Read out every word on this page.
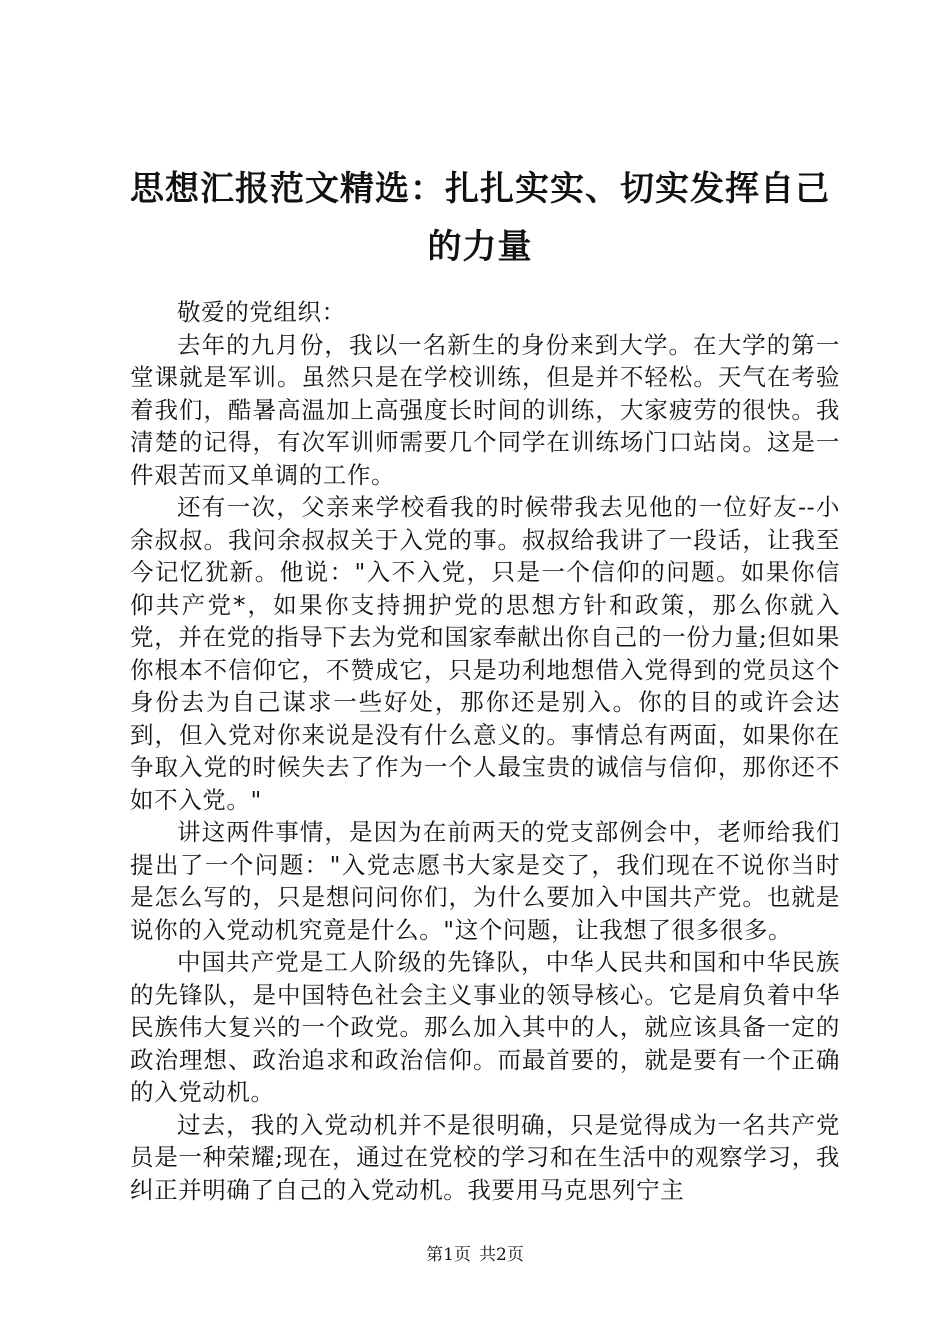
思想汇报范文精选：扎扎实实、切实发挥自己的力量

敬爱的党组织：

去年的九月份，我以一名新生的身份来到大学。在大学的第一堂课就是军训。虽然只是在学校训练，但是并不轻松。天气在考验着我们，酷暑高温加上高强度长时间的训练，大家疲劳的很快。我清楚的记得，有次军训师需要几个同学在训练场门口站岗。这是一件艰苦而又单调的工作。

还有一次，父亲来学校看我的时候带我去见他的一位好友--小余叔叔。我问余叔叔关于入党的事。叔叔给我讲了一段话，让我至今记忆犹新。他说："入不入党，只是一个信仰的问题。如果你信仰共产党*，如果你支持拥护党的思想方针和政策，那么你就入党，并在党的指导下去为党和国家奉献出你自己的一份力量;但如果你根本不信仰它，不赞成它，只是功利地想借入党得到的党员这个身份去为自己谋求一些好处，那你还是别入。你的目的或许会达到，但入党对你来说是没有什么意义的。事情总有两面，如果你在争取入党的时候失去了作为一个人最宝贵的诚信与信仰，那你还不如不入党。"

讲这两件事情，是因为在前两天的党支部例会中，老师给我们提出了一个问题："入党志愿书大家是交了，我们现在不说你当时是怎么写的，只是想问问你们，为什么要加入中国共产党。也就是说你的入党动机究竟是什么。"这个问题，让我想了很多很多。

中国共产党是工人阶级的先锋队，中华人民共和国和中华民族的先锋队，是中国特色社会主义事业的领导核心。它是肩负着中华民族伟大复兴的一个政党。那么加入其中的人，就应该具备一定的政治理想、政治追求和政治信仰。而最首要的，就是要有一个正确的入党动机。

过去，我的入党动机并不是很明确，只是觉得成为一名共产党员是一种荣耀;现在，通过在党校的学习和在生活中的观察学习，我纠正并明确了自己的入党动机。我要用马克思列宁主

第1页 共2页
